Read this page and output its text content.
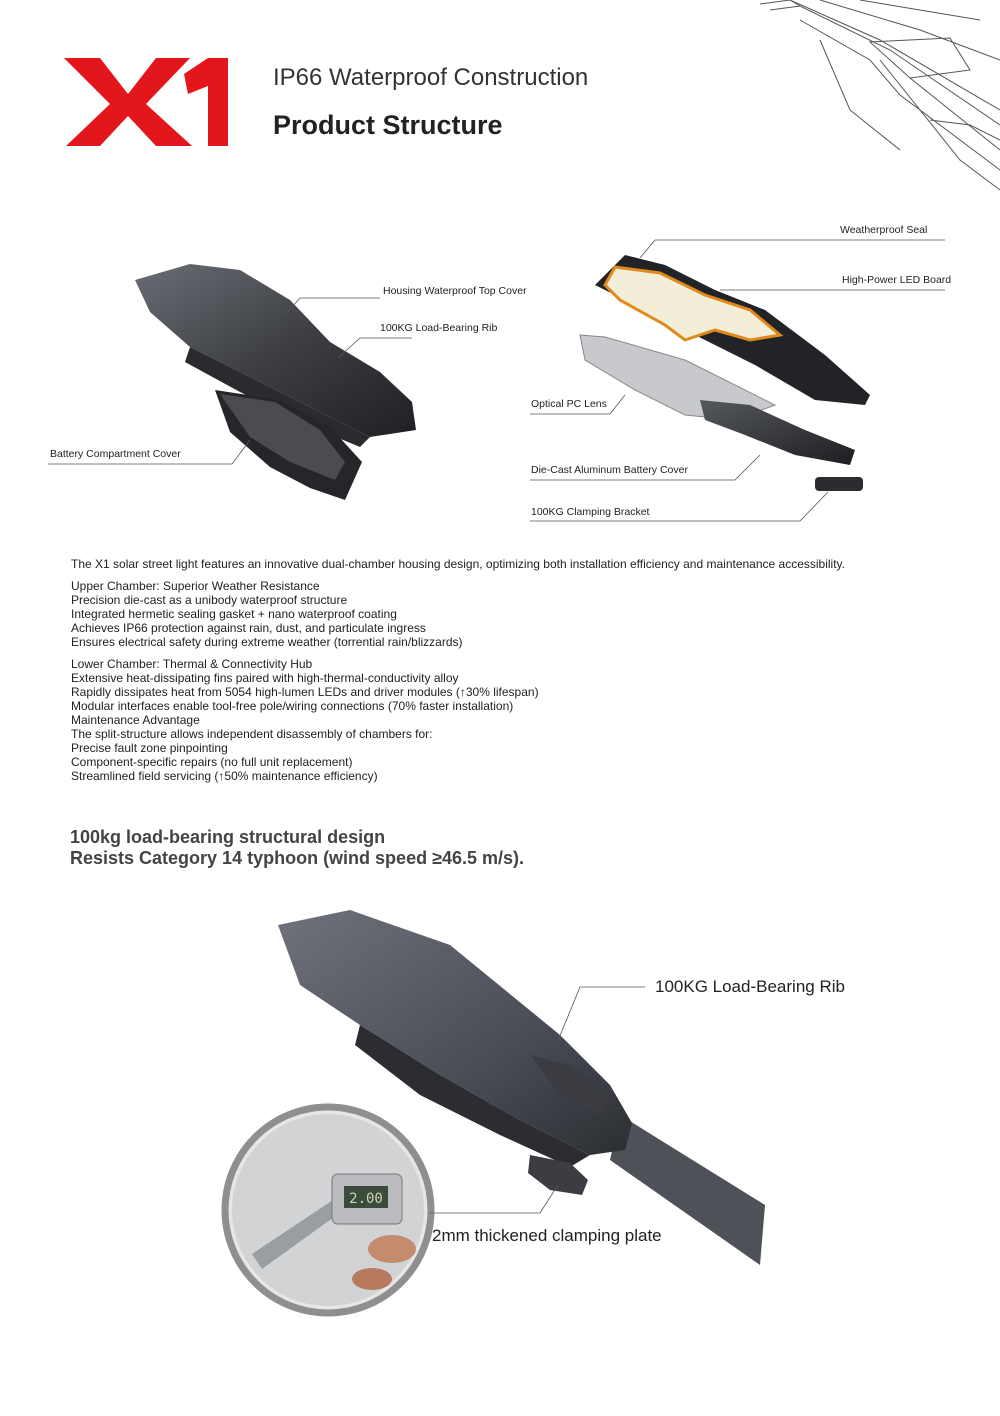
IP66 Waterproof Construction
Product Structure
Housing Waterproof Top Cover
100KG Load-Bearing Rib
Battery Compartment Cover
Weatherproof Seal
High-Power LED Board
Optical PC Lens
Die-Cast Aluminum Battery Cover
100KG Clamping Bracket
The X1 solar street light features an innovative dual-chamber housing design, optimizing both installation efficiency and maintenance accessibility.
Upper Chamber: Superior Weather Resistance
Precision die-cast as a unibody waterproof structure
Integrated hermetic sealing gasket + nano waterproof coating
Achieves IP66 protection against rain, dust, and particulate ingress
Ensures electrical safety during extreme weather (torrential rain/blizzards)
Lower Chamber: Thermal & Connectivity Hub
Extensive heat-dissipating fins paired with high-thermal-conductivity alloy
Rapidly dissipates heat from 5054 high-lumen LEDs and driver modules (↑30% lifespan)
Modular interfaces enable tool-free pole/wiring connections (70% faster installation)
Maintenance Advantage
The split-structure allows independent disassembly of chambers for:
Precise fault zone pinpointing
Component-specific repairs (no full unit replacement)
Streamlined field servicing (↑50% maintenance efficiency)
100kg load-bearing structural design
Resists Category 14 typhoon (wind speed ≥46.5 m/s).
2.00
100KG Load-Bearing Rib
2mm thickened clamping plate
